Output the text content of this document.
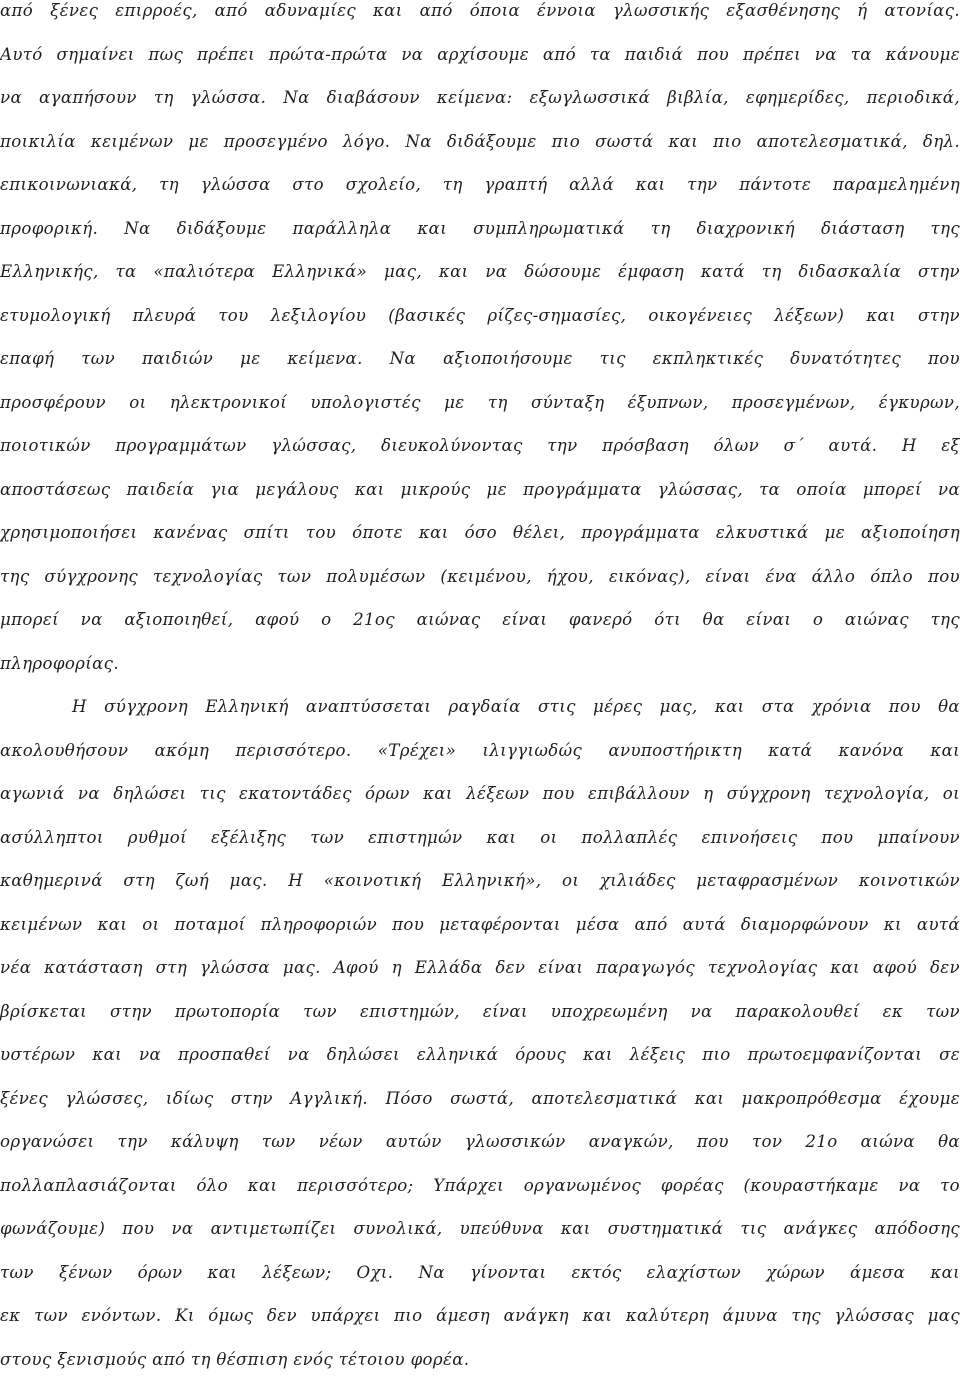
από ξένες επιρροές, από αδυναμίες και από όποια έννοια γλωσσικής εξασθένησης ή ατονίας.
Αυτό σημαίνει πως πρέπει πρώτα-πρώτα να αρχίσουμε από τα παιδιά που πρέπει να τα κάνουμε
να αγαπήσουν τη γλώσσα. Να διαβάσουν κείμενα: εξωγλωσσικά βιβλία, εφημερίδες, περιοδικά,
ποικιλία κειμένων με προσεγμένο λόγο. Να διδάξουμε πιο σωστά και πιο αποτελεσματικά, δηλ.
επικοινωνιακά, τη γλώσσα στο σχολείο, τη γραπτή αλλά και την πάντοτε παραμελημένη
προφορική. Να διδάξουμε παράλληλα και συμπληρωματικά τη διαχρονική διάσταση της
Ελληνικής, τα «παλιότερα Ελληνικά» μας, και να δώσουμε έμφαση κατά τη διδασκαλία στην
ετυμολογική πλευρά του λεξιλογίου (βασικές ρίζες-σημασίες, οικογένειες λέξεων) και στην
επαφή των παιδιών με κείμενα. Να αξιοποιήσουμε τις εκπληκτικές δυνατότητες που
προσφέρουν οι ηλεκτρονικοί υπολογιστές με τη σύνταξη έξυπνων, προσεγμένων, έγκυρων,
ποιοτικών προγραμμάτων γλώσσας, διευκολύνοντας την πρόσβαση όλων σ΄ αυτά. Η εξ
αποστάσεως παιδεία για μεγάλους και μικρούς με προγράμματα γλώσσας, τα οποία μπορεί να
χρησιμοποιήσει κανένας σπίτι του όποτε και όσο θέλει, προγράμματα ελκυστικά με αξιοποίηση
της σύγχρονης τεχνολογίας των πολυμέσων (κειμένου, ήχου, εικόνας), είναι ένα άλλο όπλο που
μπορεί να αξιοποιηθεί, αφού ο 21ος αιώνας είναι φανερό ότι θα είναι ο αιώνας της
πληροφορίας.
Η σύγχρονη Ελληνική αναπτύσσεται ραγδαία στις μέρες μας, και στα χρόνια που θα
ακολουθήσουν ακόμη περισσότερο. «Τρέχει» ιλιγγιωδώς ανυποστήρικτη κατά κανόνα και
αγωνιά να δηλώσει τις εκατοντάδες όρων και λέξεων που επιβάλλουν η σύγχρονη τεχνολογία, οι
ασύλληπτοι ρυθμοί εξέλιξης των επιστημών και οι πολλαπλές επινοήσεις που μπαίνουν
καθημερινά στη ζωή μας. Η «κοινοτική Ελληνική», οι χιλιάδες μεταφρασμένων κοινοτικών
κειμένων και οι ποταμοί πληροφοριών που μεταφέρονται μέσα από αυτά διαμορφώνουν κι αυτά
νέα κατάσταση στη γλώσσα μας. Αφού η Ελλάδα δεν είναι παραγωγός τεχνολογίας και αφού δεν
βρίσκεται στην πρωτοπορία των επιστημών, είναι υποχρεωμένη να παρακολουθεί εκ των
υστέρων και να προσπαθεί να δηλώσει ελληνικά όρους και λέξεις πιο πρωτοεμφανίζονται σε
ξένες γλώσσες, ιδίως στην Αγγλική. Πόσο σωστά, αποτελεσματικά και μακροπρόθεσμα έχουμε
οργανώσει την κάλυψη των νέων αυτών γλωσσικών αναγκών, που τον 21ο αιώνα θα
πολλαπλασιάζονται όλο και περισσότερο; Υπάρχει οργανωμένος φορέας (κουραστήκαμε να το
φωνάζουμε) που να αντιμετωπίζει συνολικά, υπεύθυνα και συστηματικά τις ανάγκες απόδοσης
των ξένων όρων και λέξεων; Οχι. Να γίνονται εκτός ελαχίστων χώρων άμεσα και
εκ των ενόντων. Κι όμως δεν υπάρχει πιο άμεση ανάγκη και καλύτερη άμυνα της γλώσσας μας
στους ξενισμούς από τη θέσπιση ενός τέτοιου φορέα.
